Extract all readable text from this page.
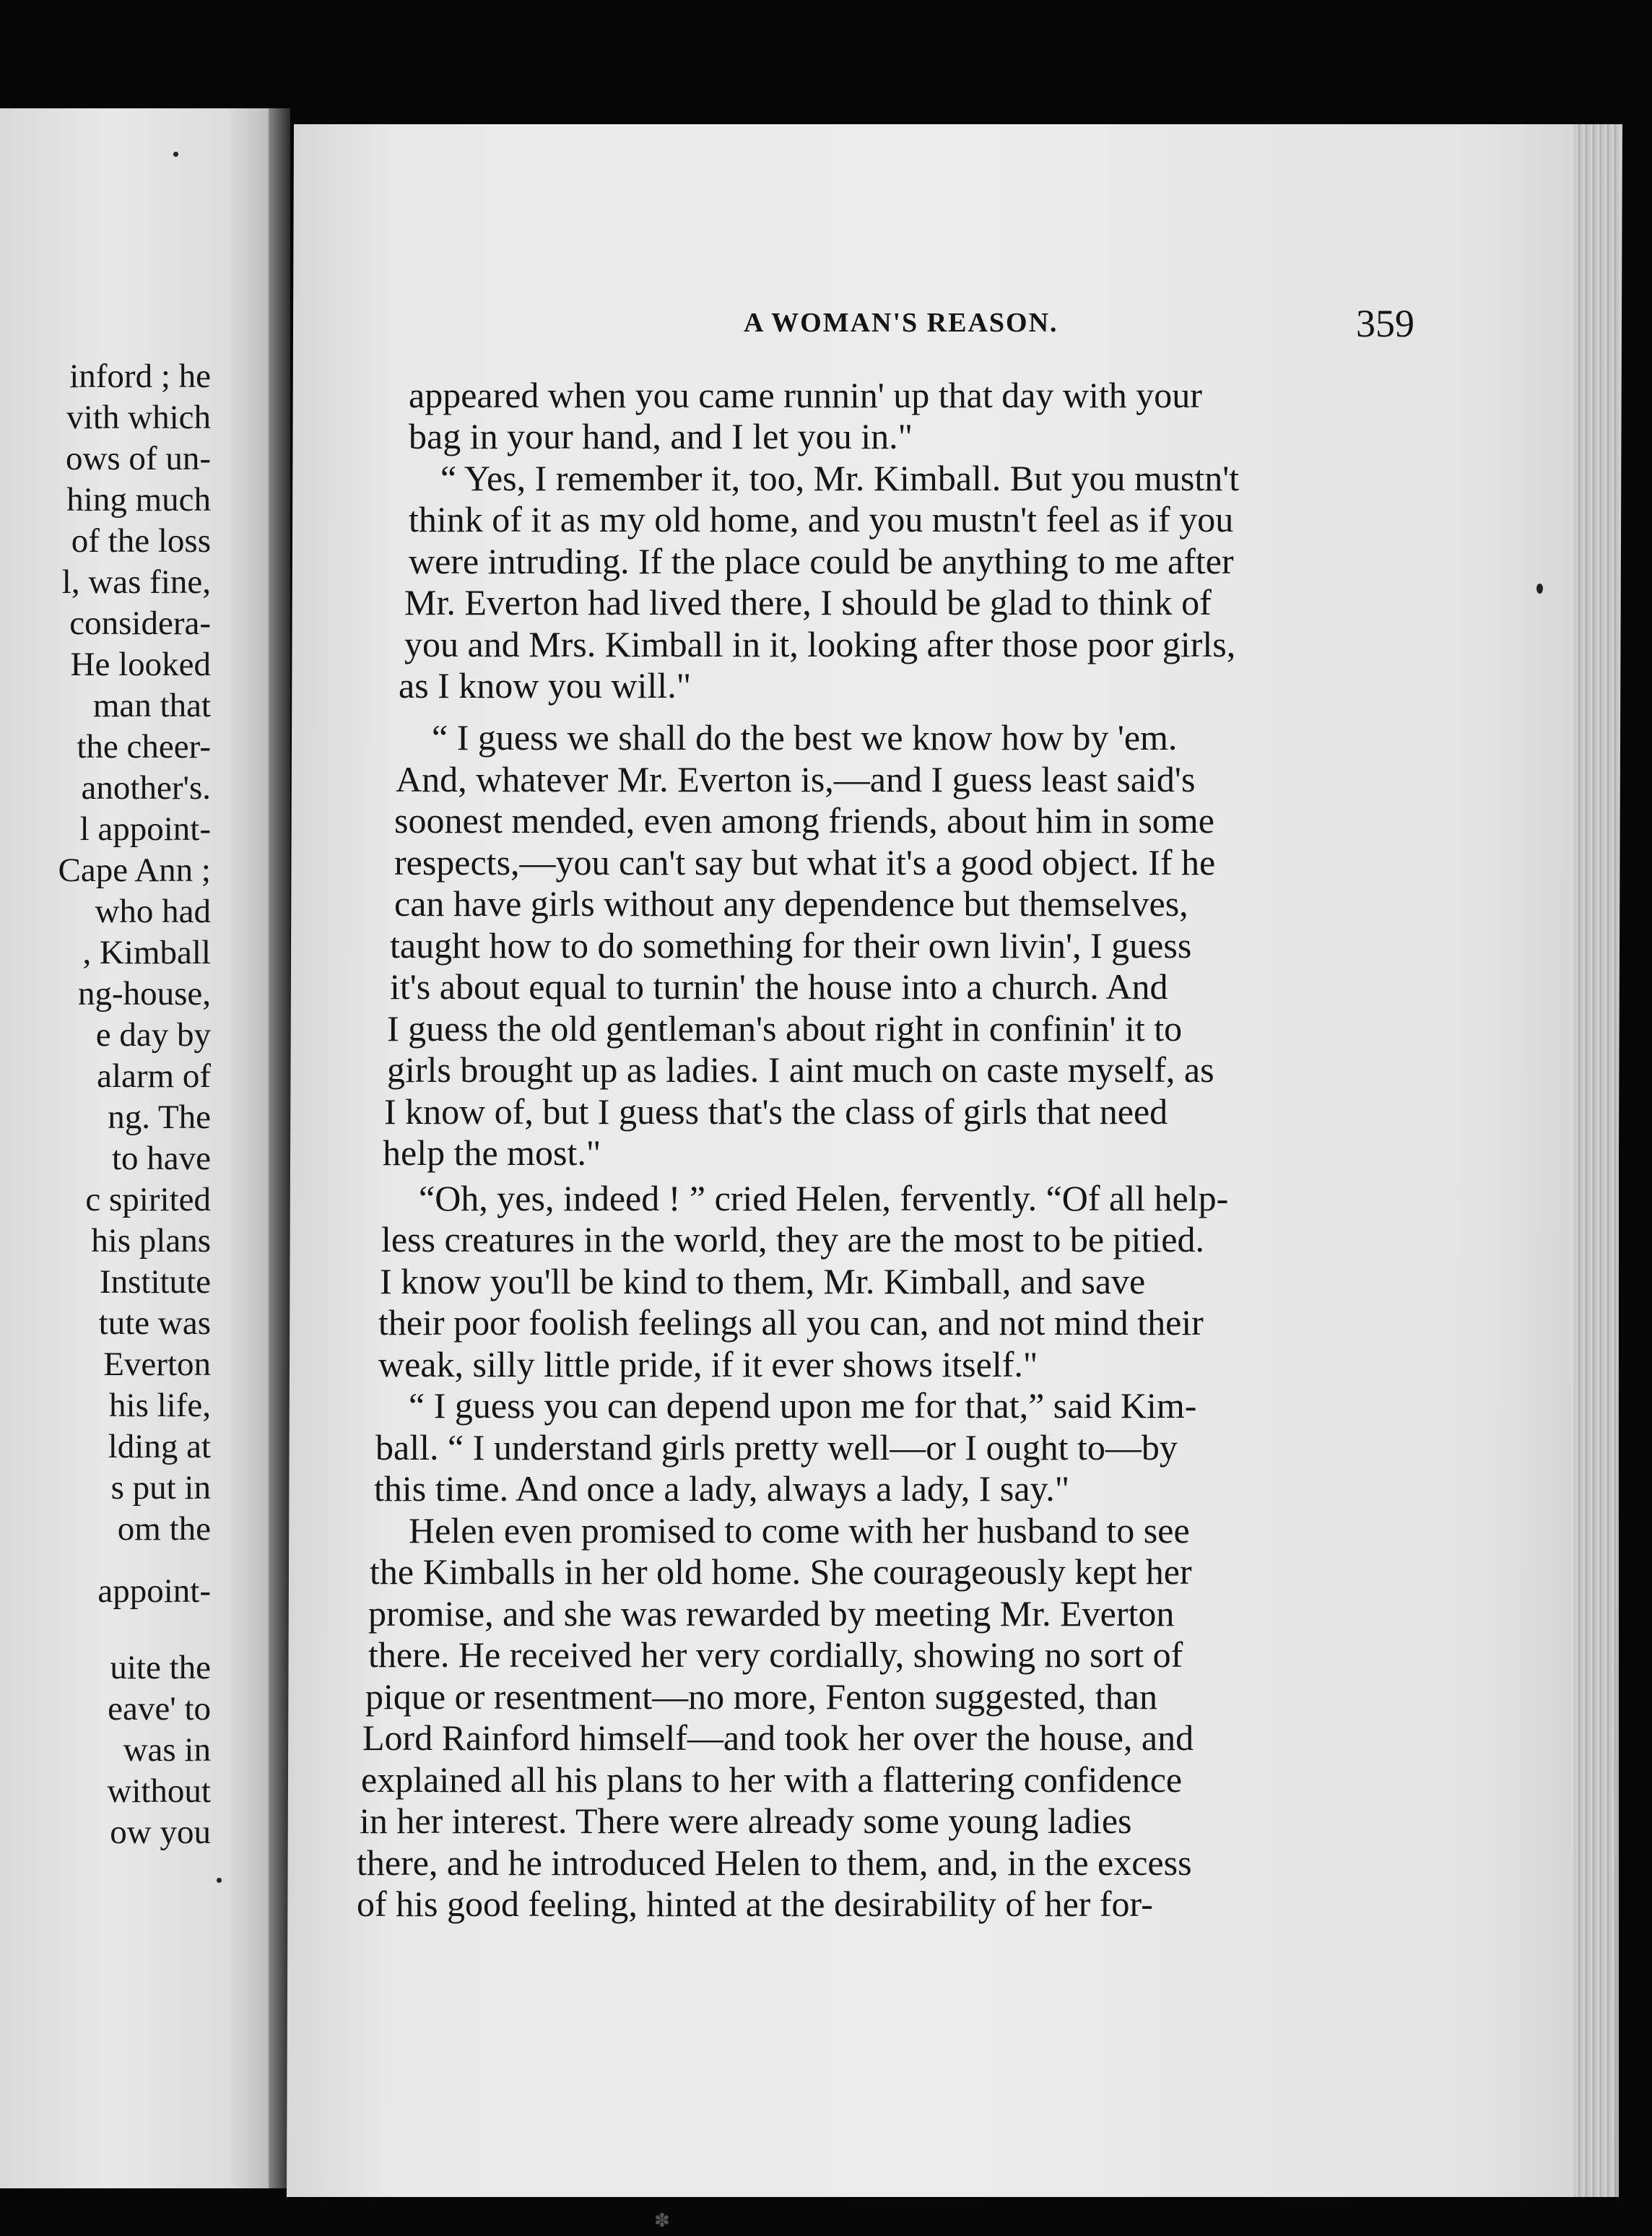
inford ; he
vith which
ows of un-
hing much
of the loss
l, was fine,
considera-
He looked
man that
the cheer-
another's.
l appoint-
Cape Ann ;
who had
, Kimball
ng-house,
e day by
alarm of
ng. The
to have
c spirited
his plans
Institute
tute was
Everton
his life,
lding at
s put in
om the
appoint-
uite the
eave' to
was in
without
ow you
A WOMAN'S REASON.	359
appeared when you came runnin' up that day with your
bag in your hand, and I let you in."
“ Yes, I remember it, too, Mr. Kimball. But you mustn't
think of it as my old home, and you mustn't feel as if you
were intruding. If the place could be anything to me after
Mr. Everton had lived there, I should be glad to think of
you and Mrs. Kimball in it, looking after those poor girls,
as I know you will."
“ I guess we shall do the best we know how by 'em.
And, whatever Mr. Everton is,—and I guess least said's
soonest mended, even among friends, about him in some
respects,—you can't say but what it's a good object. If he
can have girls without any dependence but themselves,
taught how to do something for their own livin', I guess
it's about equal to turnin' the house into a church. And
I guess the old gentleman's about right in confinin' it to
girls brought up as ladies. I aint much on caste myself, as
I know of, but I guess that's the class of girls that need
help the most."
“Oh, yes, indeed ! ” cried Helen, fervently. “Of all help-
less creatures in the world, they are the most to be pitied.
I know you'll be kind to them, Mr. Kimball, and save
their poor foolish feelings all you can, and not mind their
weak, silly little pride, if it ever shows itself."
“ I guess you can depend upon me for that,” said Kim-
ball. “ I understand girls pretty well—or I ought to—by
this time. And once a lady, always a lady, I say."
Helen even promised to come with her husband to see
the Kimballs in her old home. She courageously kept her
promise, and she was rewarded by meeting Mr. Everton
there. He received her very cordially, showing no sort of
pique or resentment—no more, Fenton suggested, than
Lord Rainford himself—and took her over the house, and
explained all his plans to her with a flattering confidence
in her interest. There were already some young ladies
there, and he introduced Helen to them, and, in the excess
of his good feeling, hinted at the desirability of her for-
✽
